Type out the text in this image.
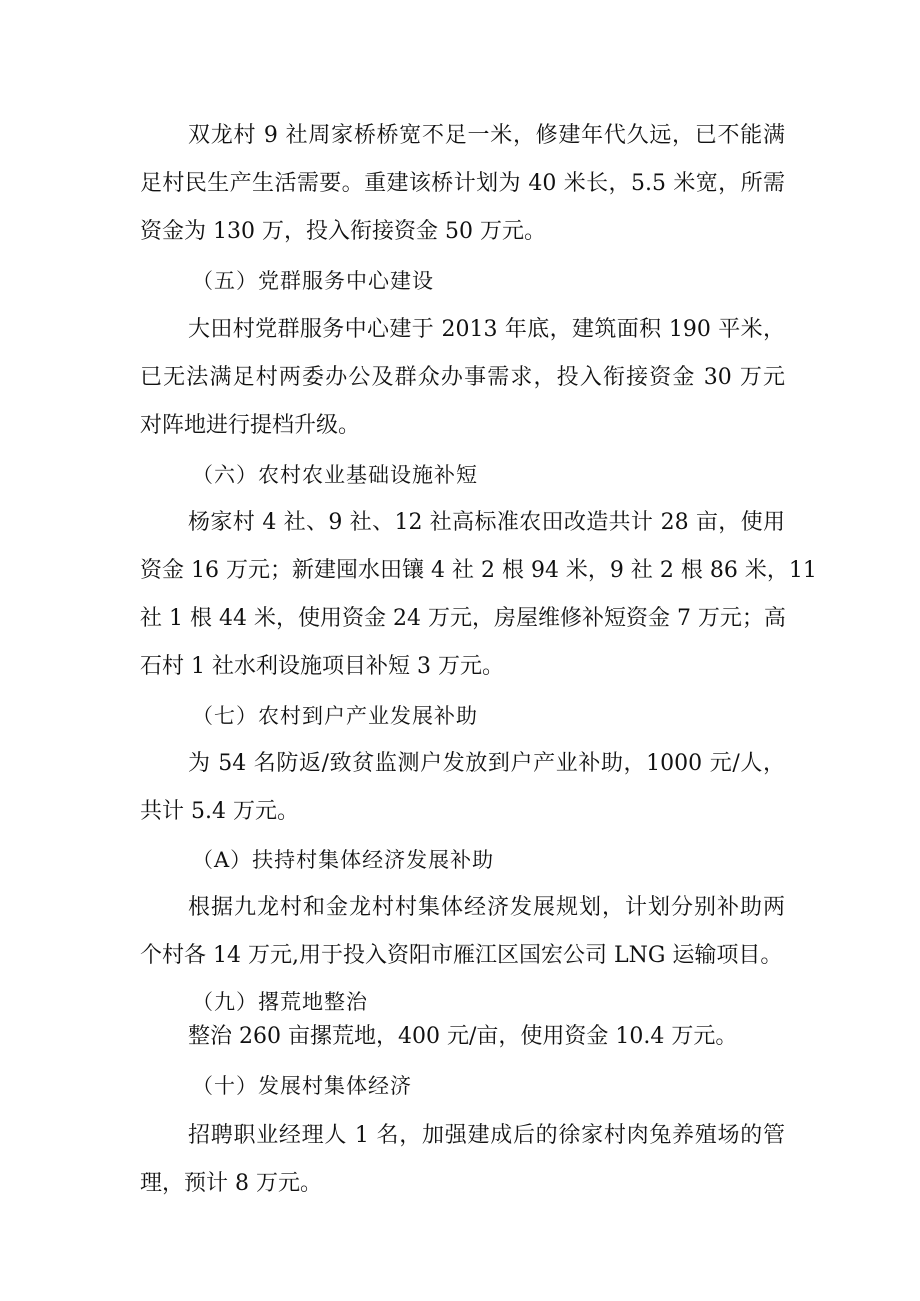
双龙村 9 社周家桥桥宽不足一米，修建年代久远，已不能满
足村民生产生活需要。重建该桥计划为 40 米长，5.5 米宽，所需
资金为 130 万，投入衔接资金 50 万元。
（五）党群服务中心建设
大田村党群服务中心建于 2013 年底，建筑面积 190 平米，
已无法满足村两委办公及群众办事需求，投入衔接资金 30 万元
对阵地进行提档升级。
（六）农村农业基础设施补短
杨家村 4 社、9 社、12 社高标准农田改造共计 28 亩，使用
资金 16 万元；新建囤水田镶 4 社 2 根 94 米，9 社 2 根 86 米，11
社 1 根 44 米，使用资金 24 万元，房屋维修补短资金 7 万元；高
石村 1 社水利设施项目补短 3 万元。
（七）农村到户产业发展补助
为 54 名防返/致贫监测户发放到户产业补助，1000 元/人，
共计 5.4 万元。
（A）扶持村集体经济发展补助
根据九龙村和金龙村村集体经济发展规划，计划分别补助两
个村各 14 万元,用于投入资阳市雁江区国宏公司 LNG 运输项目。
（九）撂荒地整治
整治 260 亩摞荒地，400 元/亩，使用资金 10.4 万元。
（十）发展村集体经济
招聘职业经理人 1 名，加强建成后的徐家村肉兔养殖场的管
理，预计 8 万元。
